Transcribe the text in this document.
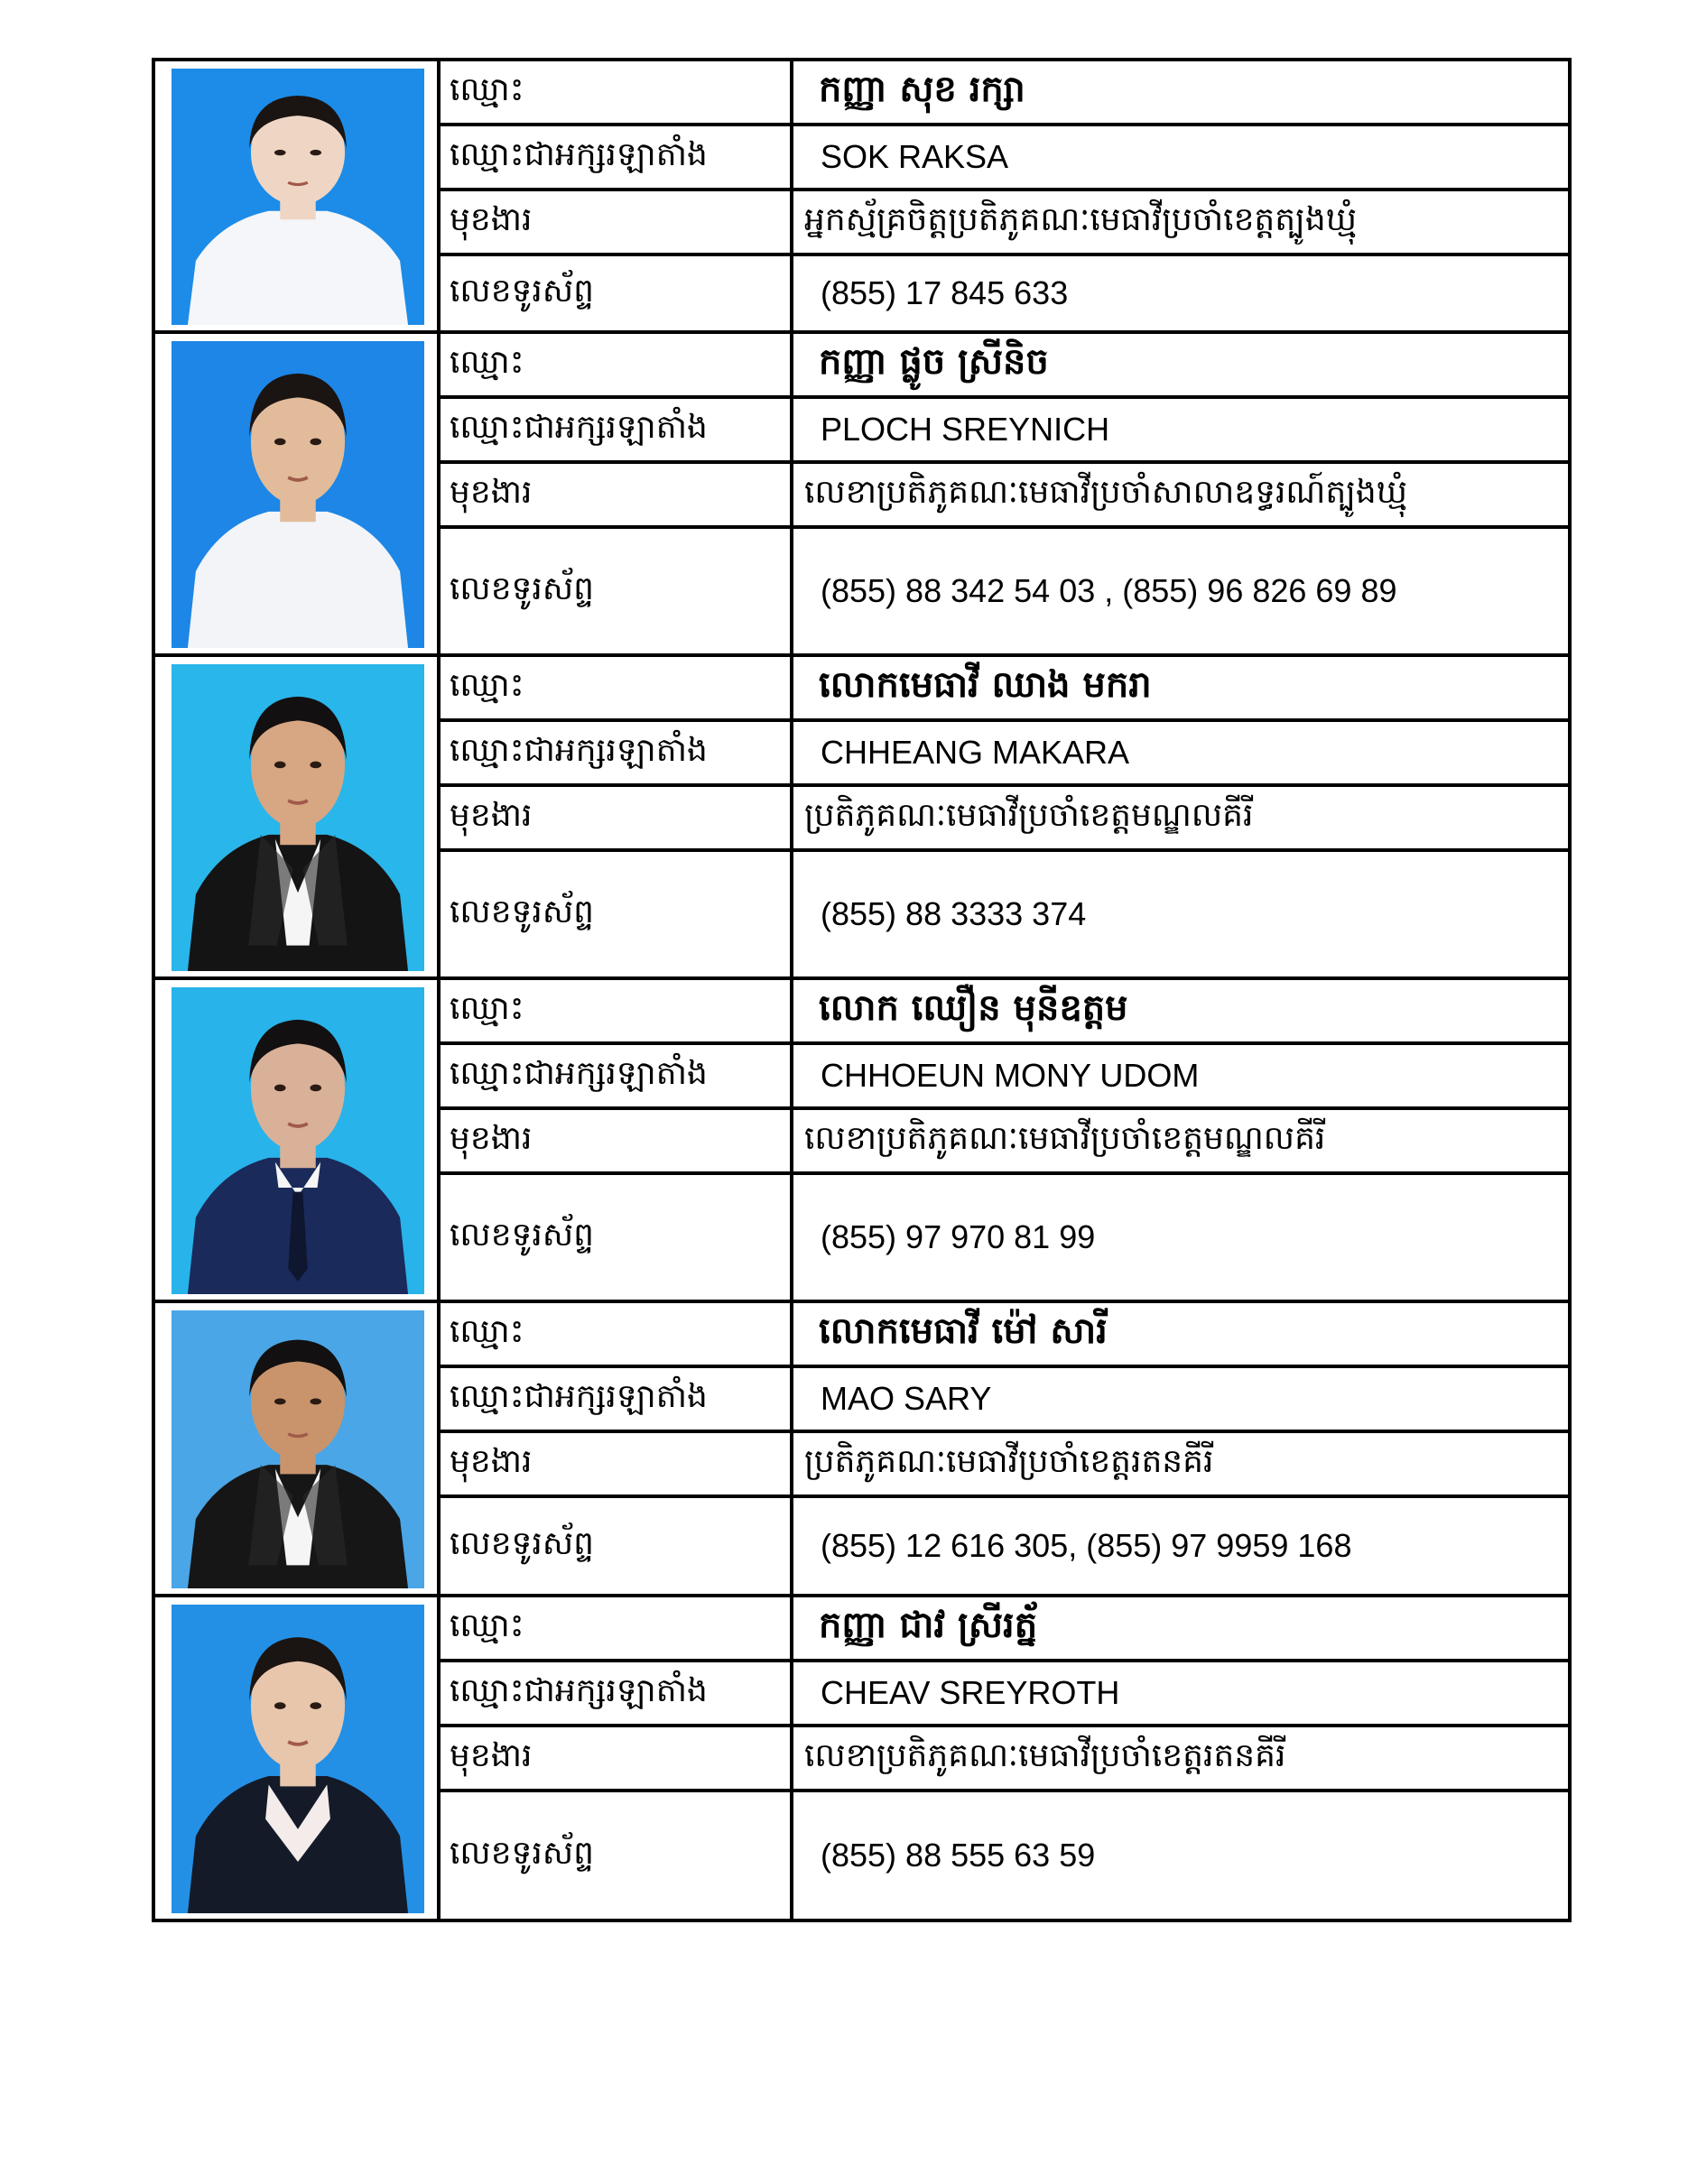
	ឈ្មោះ	កញ្ញា សុខ រក្សា
	ឈ្មោះជាអក្សរឡាតាំង	SOK RAKSA
	មុខងារ	អ្នកស្ម័គ្រចិត្តប្រតិភូគណៈមេធាវីប្រចាំខេត្តត្បូងឃ្មុំ
	លេខទូរស័ព្ទ	(855) 17 845 633

	ឈ្មោះ	កញ្ញា ផ្លូច ស្រីនិច
	ឈ្មោះជាអក្សរឡាតាំង	PLOCH SREYNICH
	មុខងារ	លេខាប្រតិភូគណៈមេធាវីប្រចាំសាលាឧទ្ធរណ៍ត្បូងឃ្មុំ
	លេខទូរស័ព្ទ	(855) 88 342 54 03 , (855) 96 826 69 89

	ឈ្មោះ	លោកមេធាវី ឈាង មករា
	ឈ្មោះជាអក្សរឡាតាំង	CHHEANG MAKARA
	មុខងារ	ប្រតិភូគណៈមេធាវីប្រចាំខេត្តមណ្ឌលគីរី
	លេខទូរស័ព្ទ	(855) 88 3333 374

	ឈ្មោះ	លោក ឈឿន មុនីឧត្តម
	ឈ្មោះជាអក្សរឡាតាំង	CHHOEUN MONY UDOM
	មុខងារ	លេខាប្រតិភូគណៈមេធាវីប្រចាំខេត្តមណ្ឌលគីរី
	លេខទូរស័ព្ទ	(855) 97 970 81 99

	ឈ្មោះ	លោកមេធាវី ម៉ៅ សារី
	ឈ្មោះជាអក្សរឡាតាំង	MAO SARY
	មុខងារ	ប្រតិភូគណៈមេធាវីប្រចាំខេត្តរតនគីរី
	លេខទូរស័ព្ទ	(855) 12 616 305, (855) 97 9959 168

	ឈ្មោះ	កញ្ញា ជាវ ស្រីរត្ន័
	ឈ្មោះជាអក្សរឡាតាំង	CHEAV SREYROTH
	មុខងារ	លេខាប្រតិភូគណៈមេធាវីប្រចាំខេត្តរតនគីរី
	លេខទូរស័ព្ទ	(855) 88 555 63 59
